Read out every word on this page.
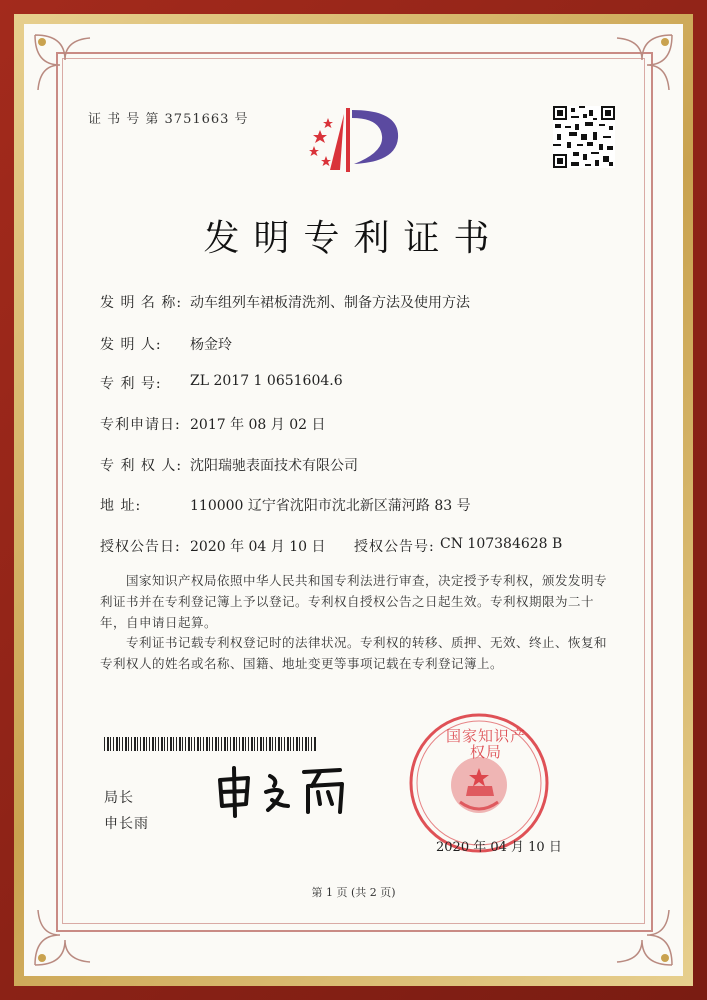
证 书 号 第 3751663 号
发明专利证书
发 明 名 称: 动车组列车裙板清洗剂、制备方法及使用方法
发 明 人: 杨金玲
专 利 号: ZL 2017 1 0651604.6
专利申请日: 2017 年 08 月 02 日
专 利 权 人: 沈阳瑞驰表面技术有限公司
地 址:	110000 辽宁省沈阳市沈北新区蒲河路 83 号
授权公告日: 2020 年 04 月 10 日 授权公告号: CN 107384628 B
国家知识产权局依照中华人民共和国专利法进行审查，决定授予专利权，颁发发明专利证书并在专利登记簿上予以登记。专利权自授权公告之日起生效。专利权期限为二十年，自申请日起算。
专利证书记载专利权登记时的法律状况。专利权的转移、质押、无效、终止、恢复和专利权人的姓名或名称、国籍、地址变更等事项记载在专利登记簿上。
局长
申长雨
国家知识产权局
2020 年 04 月 10 日
第 1 页 (共 2 页)
